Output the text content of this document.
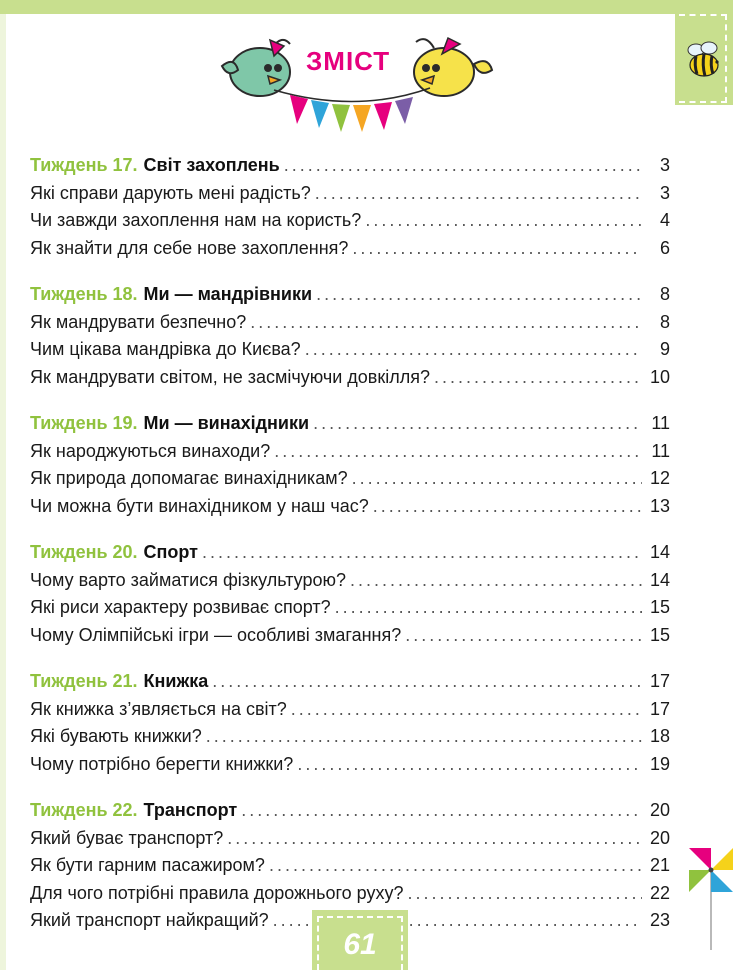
ЗМІСТ
Тиждень 17. Світ захоплень .....	3
Які справи дарують мені радість? .....	3
Чи завжди захоплення нам на користь? .....	4
Як знайти для себе нове захоплення? .....	6
Тиждень 18. Ми — мандрівники .....	8
Як мандрувати безпечно? .....	8
Чим цікава мандрівка до Києва? .....	9
Як мандрувати світом, не засмічуючи довкілля? .....	10
Тиждень 19. Ми — винахідники .....	11
Як народжуються винаходи? .....	11
Як природа допомагає винахідникам? .....	12
Чи можна бути винахідником у наш час? .....	13
Тиждень 20. Спорт .....	14
Чому варто займатися фізкультурою? .....	14
Які риси характеру розвиває спорт? .....	15
Чому Олімпійські ігри — особливі змагання? .....	15
Тиждень 21. Книжка .....	17
Як книжка з’являється на світ? .....	17
Які бувають книжки? .....	18
Чому потрібно берегти книжки? .....	19
Тиждень 22. Транспорт .....	20
Який буває транспорт? .....	20
Як бути гарним пасажиром? .....	21
Для чого потрібні правила дорожнього руху? .....	22
Який транспорт найкращий? .....	23
61
